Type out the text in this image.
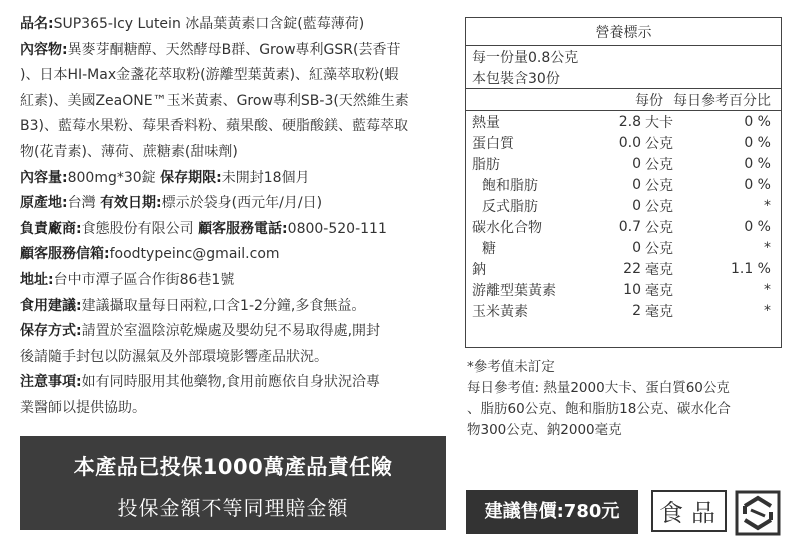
品名:SUP365-Icy Lutein 冰晶葉黃素口含錠(藍莓薄荷)

內容物:異麥芽酮糖醇、天然酵母B群、Grow專利GSR(芸香苷

)、日本HI-Max金盞花萃取粉(游離型葉黃素)、紅藻萃取粉(蝦

紅素)、美國ZeaONE™玉米黃素、Grow專利SB-3(天然維生素

B3)、藍莓水果粉、莓果香料粉、蘋果酸、硬脂酸鎂、藍莓萃取

物(花青素)、薄荷、蔗糖素(甜味劑)

內容量:800mg*30錠 保存期限:未開封18個月

原產地:台灣 有效日期:標示於袋身(西元年/月/日)

負責廠商:食態股份有限公司 顧客服務電話:0800-520-111

顧客服務信箱:foodtypeinc@gmail.com

地址:台中市潭子區合作街86巷1號

食用建議:建議攝取量每日兩粒,口含1-2分鐘,多食無益。

保存方式:請置於室溫陰涼乾燥處及嬰幼兒不易取得處,開封

後請隨手封包以防濕氣及外部環境影響產品狀況。

注意事項:如有同時服用其他藥物,食用前應依自身狀況洽專

業醫師以提供協助。

本產品已投保1000萬產品責任險
投保金額不等同理賠金額
營養標示
每一份量0.8公克
本包裝含30份
每份 每日參考百分比
熱量	2.8 大卡	0 %
蛋白質	0.0 公克	0 %
脂肪	0 公克	0 %
飽和脂肪	0 公克	0 %
反式脂肪	0 公克	*
碳水化合物	0.7 公克	0 %
糖	0 公克	*
鈉	22 毫克	1.1 %
游離型葉黃素	10 毫克	*
玉米黃素	2 毫克	*

*參考值未訂定

每日參考值: 熱量2000大卡、蛋白質60公克

、脂肪60公克、飽和脂肪18公克、碳水化合

物300公克、鈉2000毫克

建議售價:780元	食品
